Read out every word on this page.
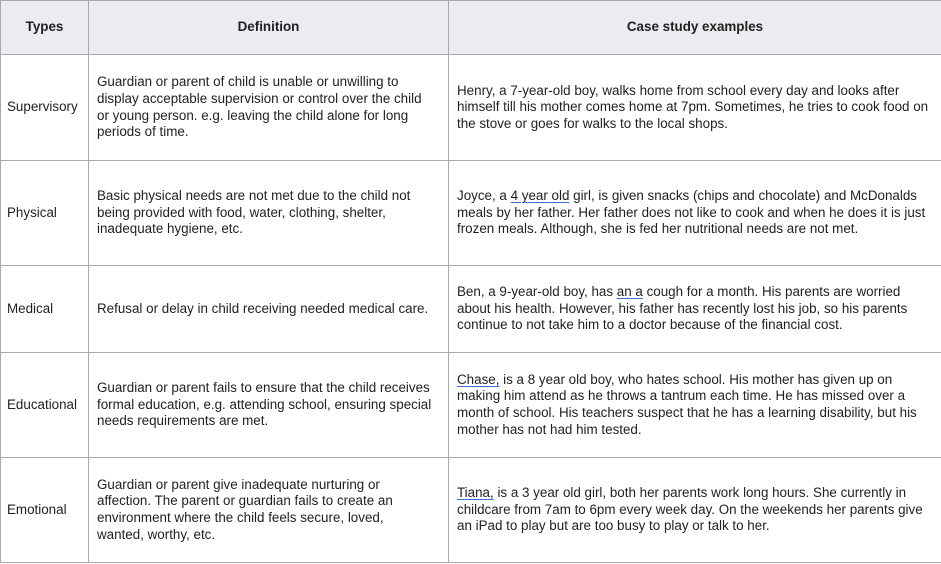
Types	Definition	Case study examples
Supervisory	Guardian or parent of child is unable or unwilling to display acceptable supervision or control over the child or young person. e.g. leaving the child alone for long periods of time.	Henry, a 7-year-old boy, walks home from school every day and looks after himself till his mother comes home at 7pm. Sometimes, he tries to cook food on the stove or goes for walks to the local shops.
Physical	Basic physical needs are not met due to the child not being provided with food, water, clothing, shelter, inadequate hygiene, etc.	Joyce, a 4 year old girl, is given snacks (chips and chocolate) and McDonalds meals by her father. Her father does not like to cook and when he does it is just frozen meals. Although, she is fed her nutritional needs are not met.
Medical	Refusal or delay in child receiving needed medical care.	Ben, a 9-year-old boy, has an a cough for a month. His parents are worried about his health. However, his father has recently lost his job, so his parents continue to not take him to a doctor because of the financial cost.
Educational	Guardian or parent fails to ensure that the child receives formal education, e.g. attending school, ensuring special needs requirements are met.	Chase, is a 8 year old boy, who hates school. His mother has given up on making him attend as he throws a tantrum each time. He has missed over a month of school. His teachers suspect that he has a learning disability, but his mother has not had him tested.
Emotional	Guardian or parent give inadequate nurturing or affection. The parent or guardian fails to create an environment where the child feels secure, loved, wanted, worthy, etc.	Tiana, is a 3 year old girl, both her parents work long hours. She currently in childcare from 7am to 6pm every week day. On the weekends her parents give an iPad to play but are too busy to play or talk to her.
